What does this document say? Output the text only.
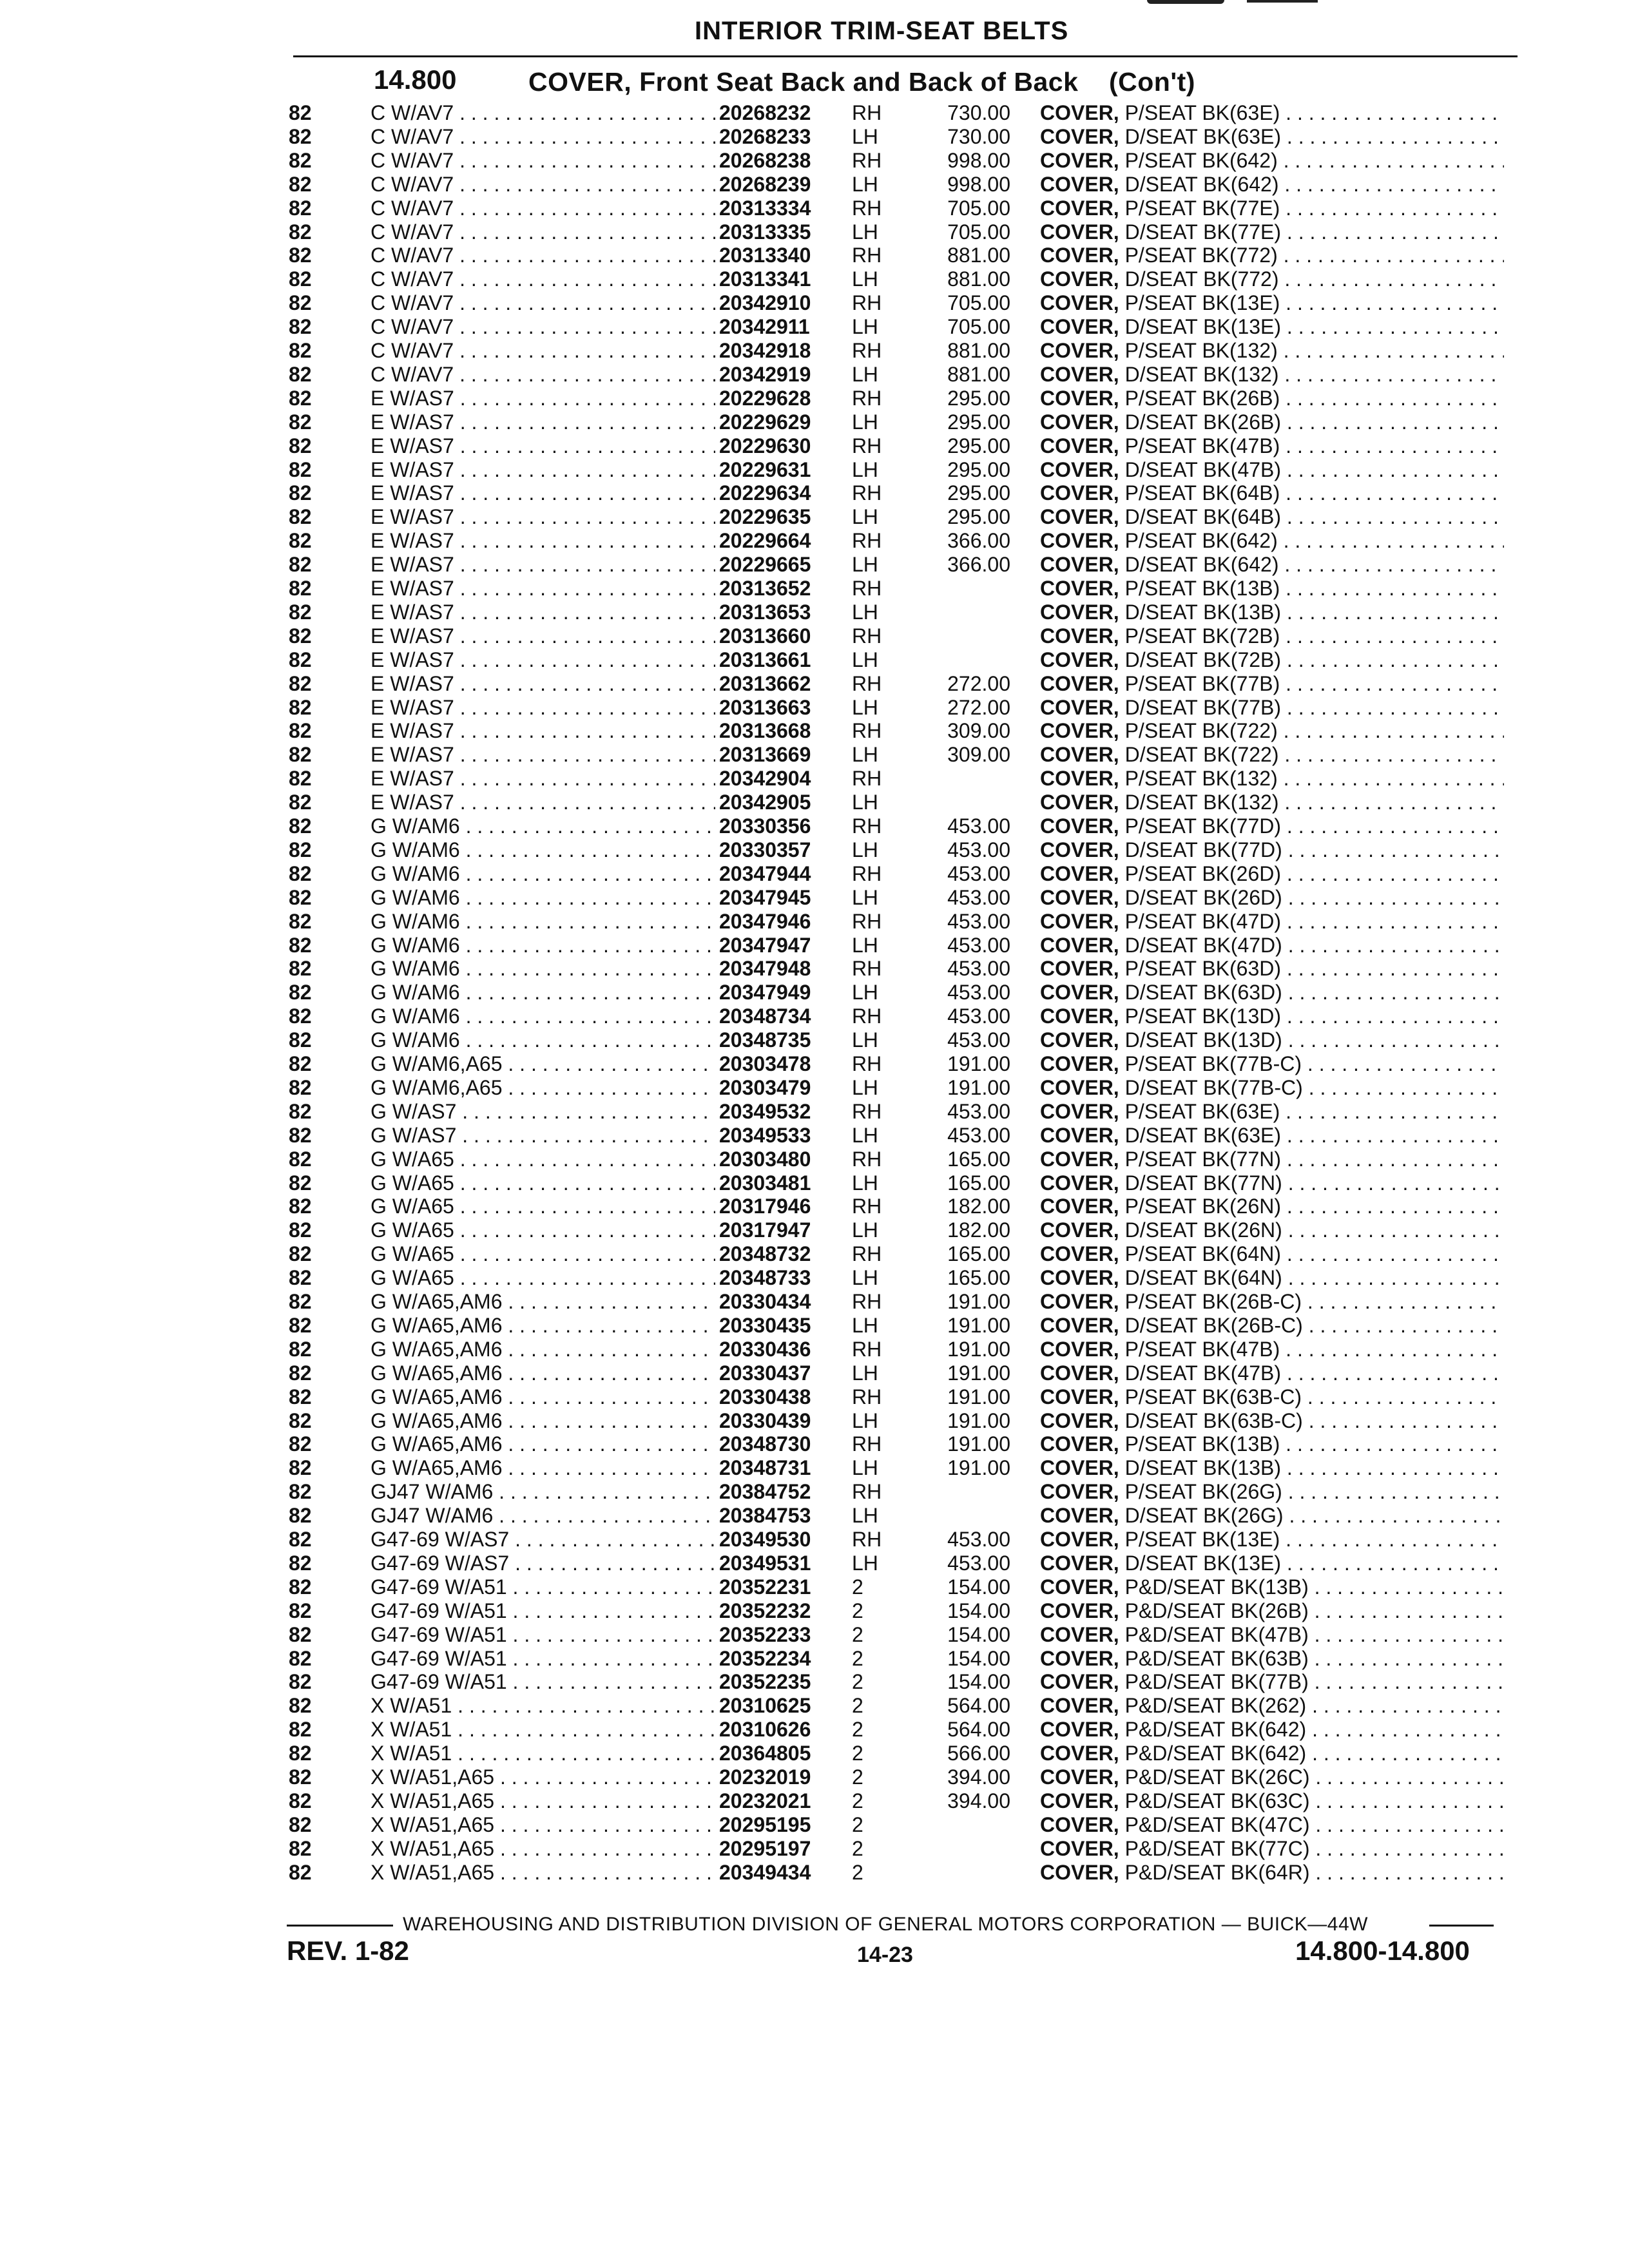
INTERIOR TRIM-SEAT BELTS
14.800	COVER, Front Seat Back and Back of Back    (Con't)
82	C W/AV7 . . .	20268232 RH	730.00 COVER, P/SEAT BK(63E) . . .
82	C W/AV7 . . .	20268233 LH	730.00 COVER, D/SEAT BK(63E) . . .
82	C W/AV7 . . .	20268238 RH	998.00 COVER, P/SEAT BK(642) . . .
82	C W/AV7 . . .	20268239 LH	998.00 COVER, D/SEAT BK(642) . . .
82	C W/AV7 . . .	20313334 RH	705.00 COVER, P/SEAT BK(77E) . . .
82	C W/AV7 . . .	20313335 LH	705.00 COVER, D/SEAT BK(77E) . . .
82	C W/AV7 . . .	20313340 RH	881.00 COVER, P/SEAT BK(772) . . .
82	C W/AV7 . . .	20313341 LH	881.00 COVER, D/SEAT BK(772) . . .
82	C W/AV7 . . .	20342910 RH	705.00 COVER, P/SEAT BK(13E) . . .
82	C W/AV7 . . .	20342911 LH	705.00 COVER, D/SEAT BK(13E) . . .
82	C W/AV7 . . .	20342918 RH	881.00 COVER, P/SEAT BK(132) . . .
82	C W/AV7 . . .	20342919 LH	881.00 COVER, D/SEAT BK(132) . . .
82	E W/AS7 . . .	20229628 RH	295.00 COVER, P/SEAT BK(26B) . . .
82	E W/AS7 . . .	20229629 LH	295.00 COVER, D/SEAT BK(26B) . . .
82	E W/AS7 . . .	20229630 RH	295.00 COVER, P/SEAT BK(47B) . . .
82	E W/AS7 . . .	20229631 LH	295.00 COVER, D/SEAT BK(47B) . . .
82	E W/AS7 . . .	20229634 RH	295.00 COVER, P/SEAT BK(64B) . . .
82	E W/AS7 . . .	20229635 LH	295.00 COVER, D/SEAT BK(64B) . . .
82	E W/AS7 . . .	20229664 RH	366.00 COVER, P/SEAT BK(642) . . .
82	E W/AS7 . . .	20229665 LH	366.00 COVER, D/SEAT BK(642) . . .
82	E W/AS7 . . .	20313652 RH	COVER, P/SEAT BK(13B) . . .
82	E W/AS7 . . .	20313653 LH	COVER, D/SEAT BK(13B) . . .
82	E W/AS7 . . .	20313660 RH	COVER, P/SEAT BK(72B) . . .
82	E W/AS7 . . .	20313661 LH	COVER, D/SEAT BK(72B) . . .
82	E W/AS7 . . .	20313662 RH	272.00 COVER, P/SEAT BK(77B) . . .
82	E W/AS7 . . .	20313663 LH	272.00 COVER, D/SEAT BK(77B) . . .
82	E W/AS7 . . .	20313668 RH	309.00 COVER, P/SEAT BK(722) . . .
82	E W/AS7 . . .	20313669 LH	309.00 COVER, D/SEAT BK(722) . . .
82	E W/AS7 . . .	20342904 RH	COVER, P/SEAT BK(132) . . .
82	E W/AS7 . . .	20342905 LH	COVER, D/SEAT BK(132) . . .
82	G W/AM6 . . .	20330356 RH	453.00 COVER, P/SEAT BK(77D) . . .
82	G W/AM6 . . .	20330357 LH	453.00 COVER, D/SEAT BK(77D) . . .
82	G W/AM6 . . .	20347944 RH	453.00 COVER, P/SEAT BK(26D) . . .
82	G W/AM6 . . .	20347945 LH	453.00 COVER, D/SEAT BK(26D) . . .
82	G W/AM6 . . .	20347946 RH	453.00 COVER, P/SEAT BK(47D) . . .
82	G W/AM6 . . .	20347947 LH	453.00 COVER, D/SEAT BK(47D) . . .
82	G W/AM6 . . .	20347948 RH	453.00 COVER, P/SEAT BK(63D) . . .
82	G W/AM6 . . .	20347949 LH	453.00 COVER, D/SEAT BK(63D) . . .
82	G W/AM6 . . .	20348734 RH	453.00 COVER, P/SEAT BK(13D) . . .
82	G W/AM6 . . .	20348735 LH	453.00 COVER, D/SEAT BK(13D) . . .
82	G W/AM6,A65 . . .	20303478 RH	191.00 COVER, P/SEAT BK(77B-C) . . .
82	G W/AM6,A65 . . .	20303479 LH	191.00 COVER, D/SEAT BK(77B-C) . . .
82	G W/AS7 . . .	20349532 RH	453.00 COVER, P/SEAT BK(63E) . . .
82	G W/AS7 . . .	20349533 LH	453.00 COVER, D/SEAT BK(63E) . . .
82	G W/A65 . . .	20303480 RH	165.00 COVER, P/SEAT BK(77N) . . .
82	G W/A65 . . .	20303481 LH	165.00 COVER, D/SEAT BK(77N) . . .
82	G W/A65 . . .	20317946 RH	182.00 COVER, P/SEAT BK(26N) . . .
82	G W/A65 . . .	20317947 LH	182.00 COVER, D/SEAT BK(26N) . . .
82	G W/A65 . . .	20348732 RH	165.00 COVER, P/SEAT BK(64N) . . .
82	G W/A65 . . .	20348733 LH	165.00 COVER, D/SEAT BK(64N) . . .
82	G W/A65,AM6 . . .	20330434 RH	191.00 COVER, P/SEAT BK(26B-C) . . .
82	G W/A65,AM6 . . .	20330435 LH	191.00 COVER, D/SEAT BK(26B-C) . . .
82	G W/A65,AM6 . . .	20330436 RH	191.00 COVER, P/SEAT BK(47B) . . .
82	G W/A65,AM6 . . .	20330437 LH	191.00 COVER, D/SEAT BK(47B) . . .
82	G W/A65,AM6 . . .	20330438 RH	191.00 COVER, P/SEAT BK(63B-C) . . .
82	G W/A65,AM6 . . .	20330439 LH	191.00 COVER, D/SEAT BK(63B-C) . . .
82	G W/A65,AM6 . . .	20348730 RH	191.00 COVER, P/SEAT BK(13B) . . .
82	G W/A65,AM6 . . .	20348731 LH	191.00 COVER, D/SEAT BK(13B) . . .
82	GJ47 W/AM6 . . .	20384752 RH	COVER, P/SEAT BK(26G) . . .
82	GJ47 W/AM6 . . .	20384753 LH	COVER, D/SEAT BK(26G) . . .
82	G47-69 W/AS7 . . .	20349530 RH	453.00 COVER, P/SEAT BK(13E) . . .
82	G47-69 W/AS7 . . .	20349531 LH	453.00 COVER, D/SEAT BK(13E) . . .
82	G47-69 W/A51 . . .	20352231 2	154.00 COVER, P&D/SEAT BK(13B) . . .
82	G47-69 W/A51 . . .	20352232 2	154.00 COVER, P&D/SEAT BK(26B) . . .
82	G47-69 W/A51 . . .	20352233 2	154.00 COVER, P&D/SEAT BK(47B) . . .
82	G47-69 W/A51 . . .	20352234 2	154.00 COVER, P&D/SEAT BK(63B) . . .
82	G47-69 W/A51 . . .	20352235 2	154.00 COVER, P&D/SEAT BK(77B) . . .
82	X W/A51 . . .	20310625 2	564.00 COVER, P&D/SEAT BK(262) . . .
82	X W/A51 . . .	20310626 2	564.00 COVER, P&D/SEAT BK(642) . . .
82	X W/A51 . . .	20364805 2	566.00 COVER, P&D/SEAT BK(642) . . .
82	X W/A51,A65 . . .	20232019 2	394.00 COVER, P&D/SEAT BK(26C) . . .
82	X W/A51,A65 . . .	20232021 2	394.00 COVER, P&D/SEAT BK(63C) . . .
82	X W/A51,A65 . . .	20295195 2	COVER, P&D/SEAT BK(47C) . . .
82	X W/A51,A65 . . .	20295197 2	COVER, P&D/SEAT BK(77C) . . .
82	X W/A51,A65 . . .	20349434 2	COVER, P&D/SEAT BK(64R) . . .
WAREHOUSING AND DISTRIBUTION DIVISION OF GENERAL MOTORS CORPORATION — BUICK—44W
REV. 1-82	14-23	14.800-14.800
